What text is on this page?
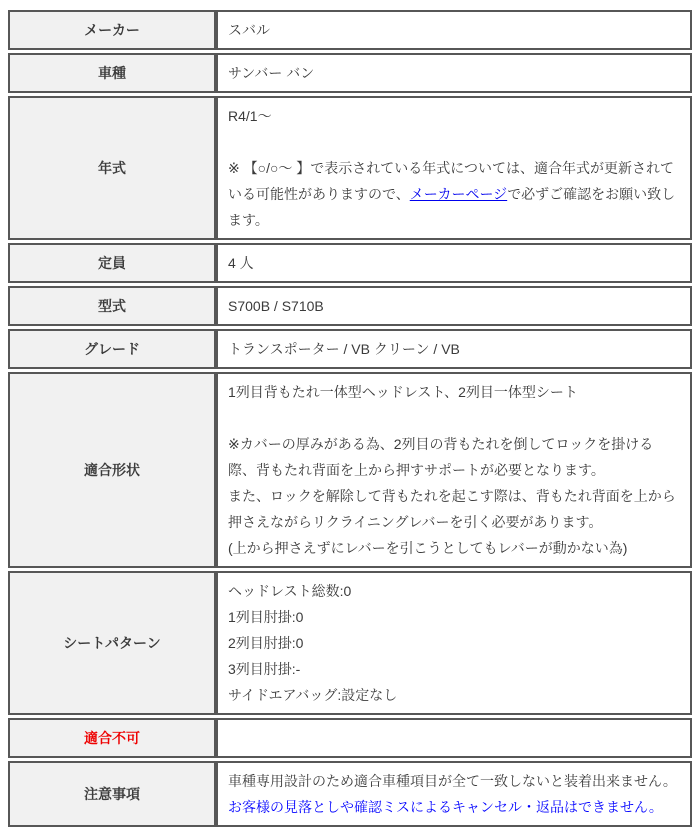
メーカー	スバル
車種	サンバー バン
年式	R4/1～
※ 【○/○～ 】で表示されている年式については、適合年式が更新されている可能性がありますので、メーカーページで必ずご確認をお願い致します。

定員	4 人
型式	S700B / S710B
グレード	トランスポーター / VB クリーン / VB
適合形状	1列目背もたれ一体型ヘッドレスト、2列目一体型シート
※カバーの厚みがある為、2列目の背もたれを倒してロックを掛ける際、背もたれ背面を上から押すサポートが必要となります。
また、ロックを解除して背もたれを起こす際は、背もたれ背面を上から押さえながらリクライニングレバーを引く必要があります。
(上から押さえずにレバーを引こうとしてもレバーが動かない為)

シートパターン	ヘッドレスト総数:0
1列目肘掛:0
2列目肘掛:0
3列目肘掛:-
サイドエアバッグ:設定なし

適合不可	
注意事項	車種専用設計のため適合車種項目が全て一致しないと装着出来ません。
お客様の見落としや確認ミスによるキャンセル・返品はできません。
